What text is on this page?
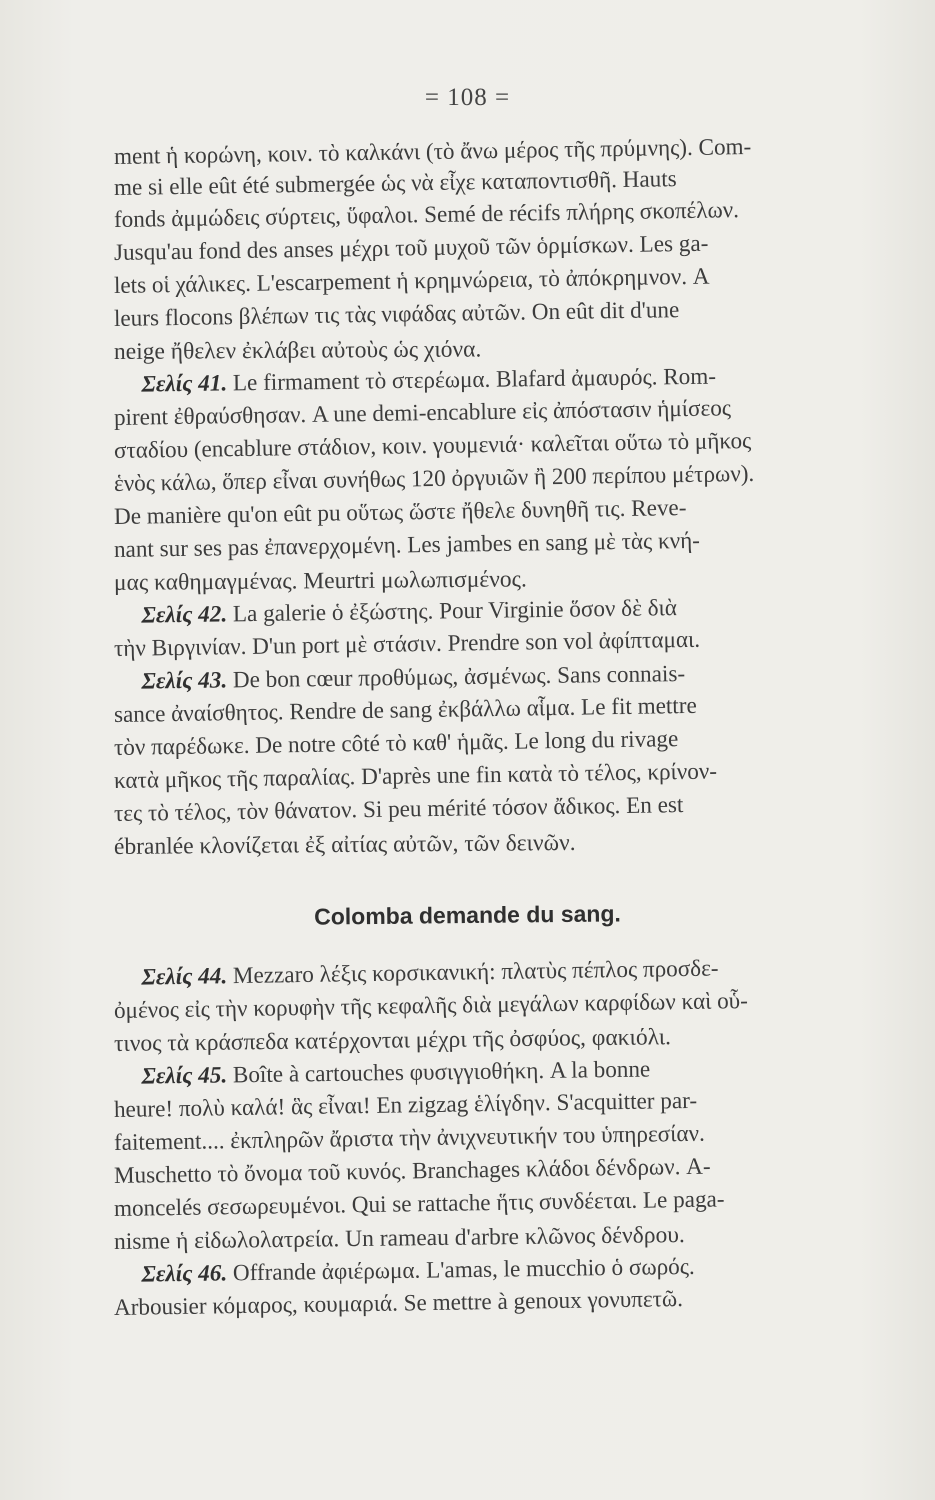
= 108 =
ment ἡ κορώνη, κοιν. τὸ καλκάνι (τὸ ἄνω μέρος τῆς πρύμνης). Com-
me si elle eût été submergée ὡς νὰ εἶχε καταποντισθῆ. Hauts
fonds ἀμμώδεις σύρτεις, ὕφαλοι. Semé de récifs πλήρης σκοπέλων.
Jusqu'au fond des anses μέχρι τοῦ μυχοῦ τῶν ὁρμίσκων. Les ga-
lets οἱ χάλικες. L'escarpement ἡ κρημνώρεια, τὸ ἀπόκρημνον. A
leurs flocons βλέπων τις τὰς νιφάδας αὐτῶν. On eût dit d'une
neige ἤθελεν ἐκλάβει αὐτοὺς ὡς χιόνα.
Σελίς 41. Le firmament τὸ στερέωμα. Blafard ἀμαυρός. Rom-
pirent ἐθραύσθησαν. A une demi-encablure εἰς ἀπόστασιν ἡμίσεος
σταδίου (encablure στάδιον, κοιν. γουμενιά· καλεῖται οὕτω τὸ μῆκος
ἑνὸς κάλω, ὅπερ εἶναι συνήθως 120 ὀργυιῶν ἢ 200 περίπου μέτρων).
De manière qu'on eût pu οὕτως ὥστε ἤθελε δυνηθῆ τις. Reve-
nant sur ses pas ἐπανερχομένη. Les jambes en sang μὲ τὰς κνή-
μας καθημαγμένας. Meurtri μωλωπισμένος.
Σελίς 42. La galerie ὁ ἐξώστης. Pour Virginie ὅσον δὲ διὰ
τὴν Βιργινίαν. D'un port μὲ στάσιν. Prendre son vol ἀφίπταμαι.
Σελίς 43. De bon cœur προθύμως, ἀσμένως. Sans connais-
sance ἀναίσθητος. Rendre de sang ἐκβάλλω αἷμα. Le fit mettre
τὸν παρέδωκε. De notre côté τὸ καθ' ἡμᾶς. Le long du rivage
κατὰ μῆκος τῆς παραλίας. D'après une fin κατὰ τὸ τέλος, κρίνον-
τες τὸ τέλος, τὸν θάνατον. Si peu mérité τόσον ἄδικος. En est
ébranlée κλονίζεται ἐξ αἰτίας αὐτῶν, τῶν δεινῶν.
Colomba demande du sang.
Σελίς 44. Mezzaro λέξις κορσικανική: πλατὺς πέπλος προσδε-
ὀμένος εἰς τὴν κορυφὴν τῆς κεφαλῆς διὰ μεγάλων καρφίδων καὶ οὗ-
τινος τὰ κράσπεδα κατέρχονται μέχρι τῆς ὀσφύος, φακιόλι.
Σελίς 45. Boîte à cartouches φυσιγγιοθήκη. A la bonne
heure! πολὺ καλά! ἃς εἶναι! En zigzag ἑλίγδην. S'acquitter par-
faitement.... ἐκπληρῶν ἄριστα τὴν ἀνιχνευτικήν του ὑπηρεσίαν.
Muschetto τὸ ὄνομα τοῦ κυνός. Branchages κλάδοι δένδρων. A-
moncelés σεσωρευμένοι. Qui se rattache ἥτις συνδέεται. Le paga-
nisme ἡ εἰδωλολατρεία. Un rameau d'arbre κλῶνος δένδρου.
Σελίς 46. Offrande ἀφιέρωμα. L'amas, le mucchio ὁ σωρός.
Arbousier κόμαρος, κουμαριά. Se mettre à genoux γονυπετῶ.
